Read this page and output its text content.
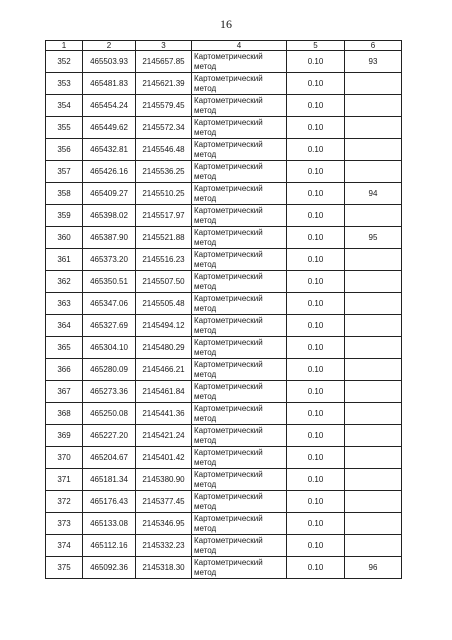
16
1	2	3	4	5	6
352	465503.93	2145657.85	Картометрический метод	0.10	93
353	465481.83	2145621.39	Картометрический метод	0.10	
354	465454.24	2145579.45	Картометрический метод	0.10	
355	465449.62	2145572.34	Картометрический метод	0.10	
356	465432.81	2145546.48	Картометрический метод	0.10	
357	465426.16	2145536.25	Картометрический метод	0.10	
358	465409.27	2145510.25	Картометрический метод	0.10	94
359	465398.02	2145517.97	Картометрический метод	0.10	
360	465387.90	2145521.88	Картометрический метод	0.10	95
361	465373.20	2145516.23	Картометрический метод	0.10	
362	465350.51	2145507.50	Картометрический метод	0.10	
363	465347.06	2145505.48	Картометрический метод	0.10	
364	465327.69	2145494.12	Картометрический метод	0.10	
365	465304.10	2145480.29	Картометрический метод	0.10	
366	465280.09	2145466.21	Картометрический метод	0.10	
367	465273.36	2145461.84	Картометрический метод	0.10	
368	465250.08	2145441.36	Картометрический метод	0.10	
369	465227.20	2145421.24	Картометрический метод	0.10	
370	465204.67	2145401.42	Картометрический метод	0.10	
371	465181.34	2145380.90	Картометрический метод	0.10	
372	465176.43	2145377.45	Картометрический метод	0.10	
373	465133.08	2145346.95	Картометрический метод	0.10	
374	465112.16	2145332.23	Картометрический метод	0.10	
375	465092.36	2145318.30	Картометрический метод	0.10	96
